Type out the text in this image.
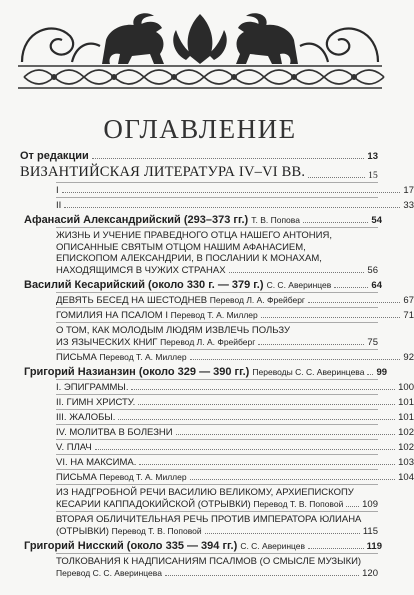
ОГЛАВЛЕНИЕ
От редакции	13
ВИЗАНТИЙСКАЯ ЛИТЕРАТУРА IV–VI ВВ.	15
I	17
II	33
Афанасий Александрийский (293–373 гг.) Т. В. Попова	54
ЖИЗНЬ И УЧЕНИЕ ПРАВЕДНОГО ОТЦА НАШЕГО АНТОНИЯ,
ОПИСАННЫЕ СВЯТЫМ ОТЦОМ НАШИМ АФАНАСИЕМ,
ЕПИСКОПОМ АЛЕКСАНДРИИ, В ПОСЛАНИИ К МОНАХАМ,
НАХОДЯЩИМСЯ В ЧУЖИХ СТРАНАХ	56
Василий Кесарийский (около 330 г. — 379 г.) С. С. Аверинцев	64
ДЕВЯТЬ БЕСЕД НА ШЕСТОДНЕВ Перевод Л. А. Фрейберг	67
ГОМИЛИЯ НА ПСАЛОМ I Перевод Т. А. Миллер	71
О ТОМ, КАК МОЛОДЫМ ЛЮДЯМ ИЗВЛЕЧЬ ПОЛЬЗУ
ИЗ ЯЗЫЧЕСКИХ КНИГ Перевод Л. А. Фрейберг	75
ПИСЬМА Перевод Т. А. Миллер	92
Григорий Назианзин (около 329 — 390 гг.) Переводы С. С. Аверинцева 99
I. ЭПИГРАММЫ.	100
II. ГИМН ХРИСТУ.	101
III. ЖАЛОБЫ.	101
IV. МОЛИТВА В БОЛЕЗНИ	102
V. ПЛАЧ	102
VI. НА МАКСИМА.	103
ПИСЬМА Перевод Т. А. Миллер	104
ИЗ НАДГРОБНОЙ РЕЧИ ВАСИЛИЮ ВЕЛИКОМУ, АРХИЕПИСКОПУ
КЕСАРИИ КАППАДОКИЙСКОЙ (ОТРЫВКИ) Перевод Т. В. Поповой 109
ВТОРАЯ ОБЛИЧИТЕЛЬНАЯ РЕЧЬ ПРОТИВ ИМПЕРАТОРА ЮЛИАНА
(ОТРЫВКИ) Перевод Т. В. Поповой	115
Григорий Нисский (около 335 — 394 гг.) С. С. Аверинцев	119
ТОЛКОВАНИЯ К НАДПИСАНИЯМ ПСАЛМОВ (О СМЫСЛЕ МУЗЫКИ)
Перевод С. С. Аверинцева	120
